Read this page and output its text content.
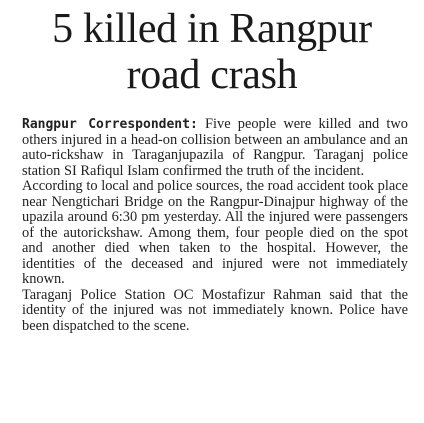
5 killed in Rangpur
road crash

Rangpur Correspondent: Five people were killed and two others injured in a head-on collision between an ambulance and an auto-rickshaw in Taraganjupazila of Rangpur. Taraganj police station SI Rafiqul Islam confirmed the truth of the incident.

According to local and police sources, the road accident took place near Nengtichari Bridge on the Rangpur-Dinajpur highway of the upazila around 6:30 pm yesterday. All the injured were passengers of the autorickshaw. Among them, four people died on the spot and another died when taken to the hospital. However, the identities of the deceased and injured were not immediately known.

Taraganj Police Station OC Mostafizur Rahman said that the identity of the injured was not immediately known. Police have been dispatched to the scene.
